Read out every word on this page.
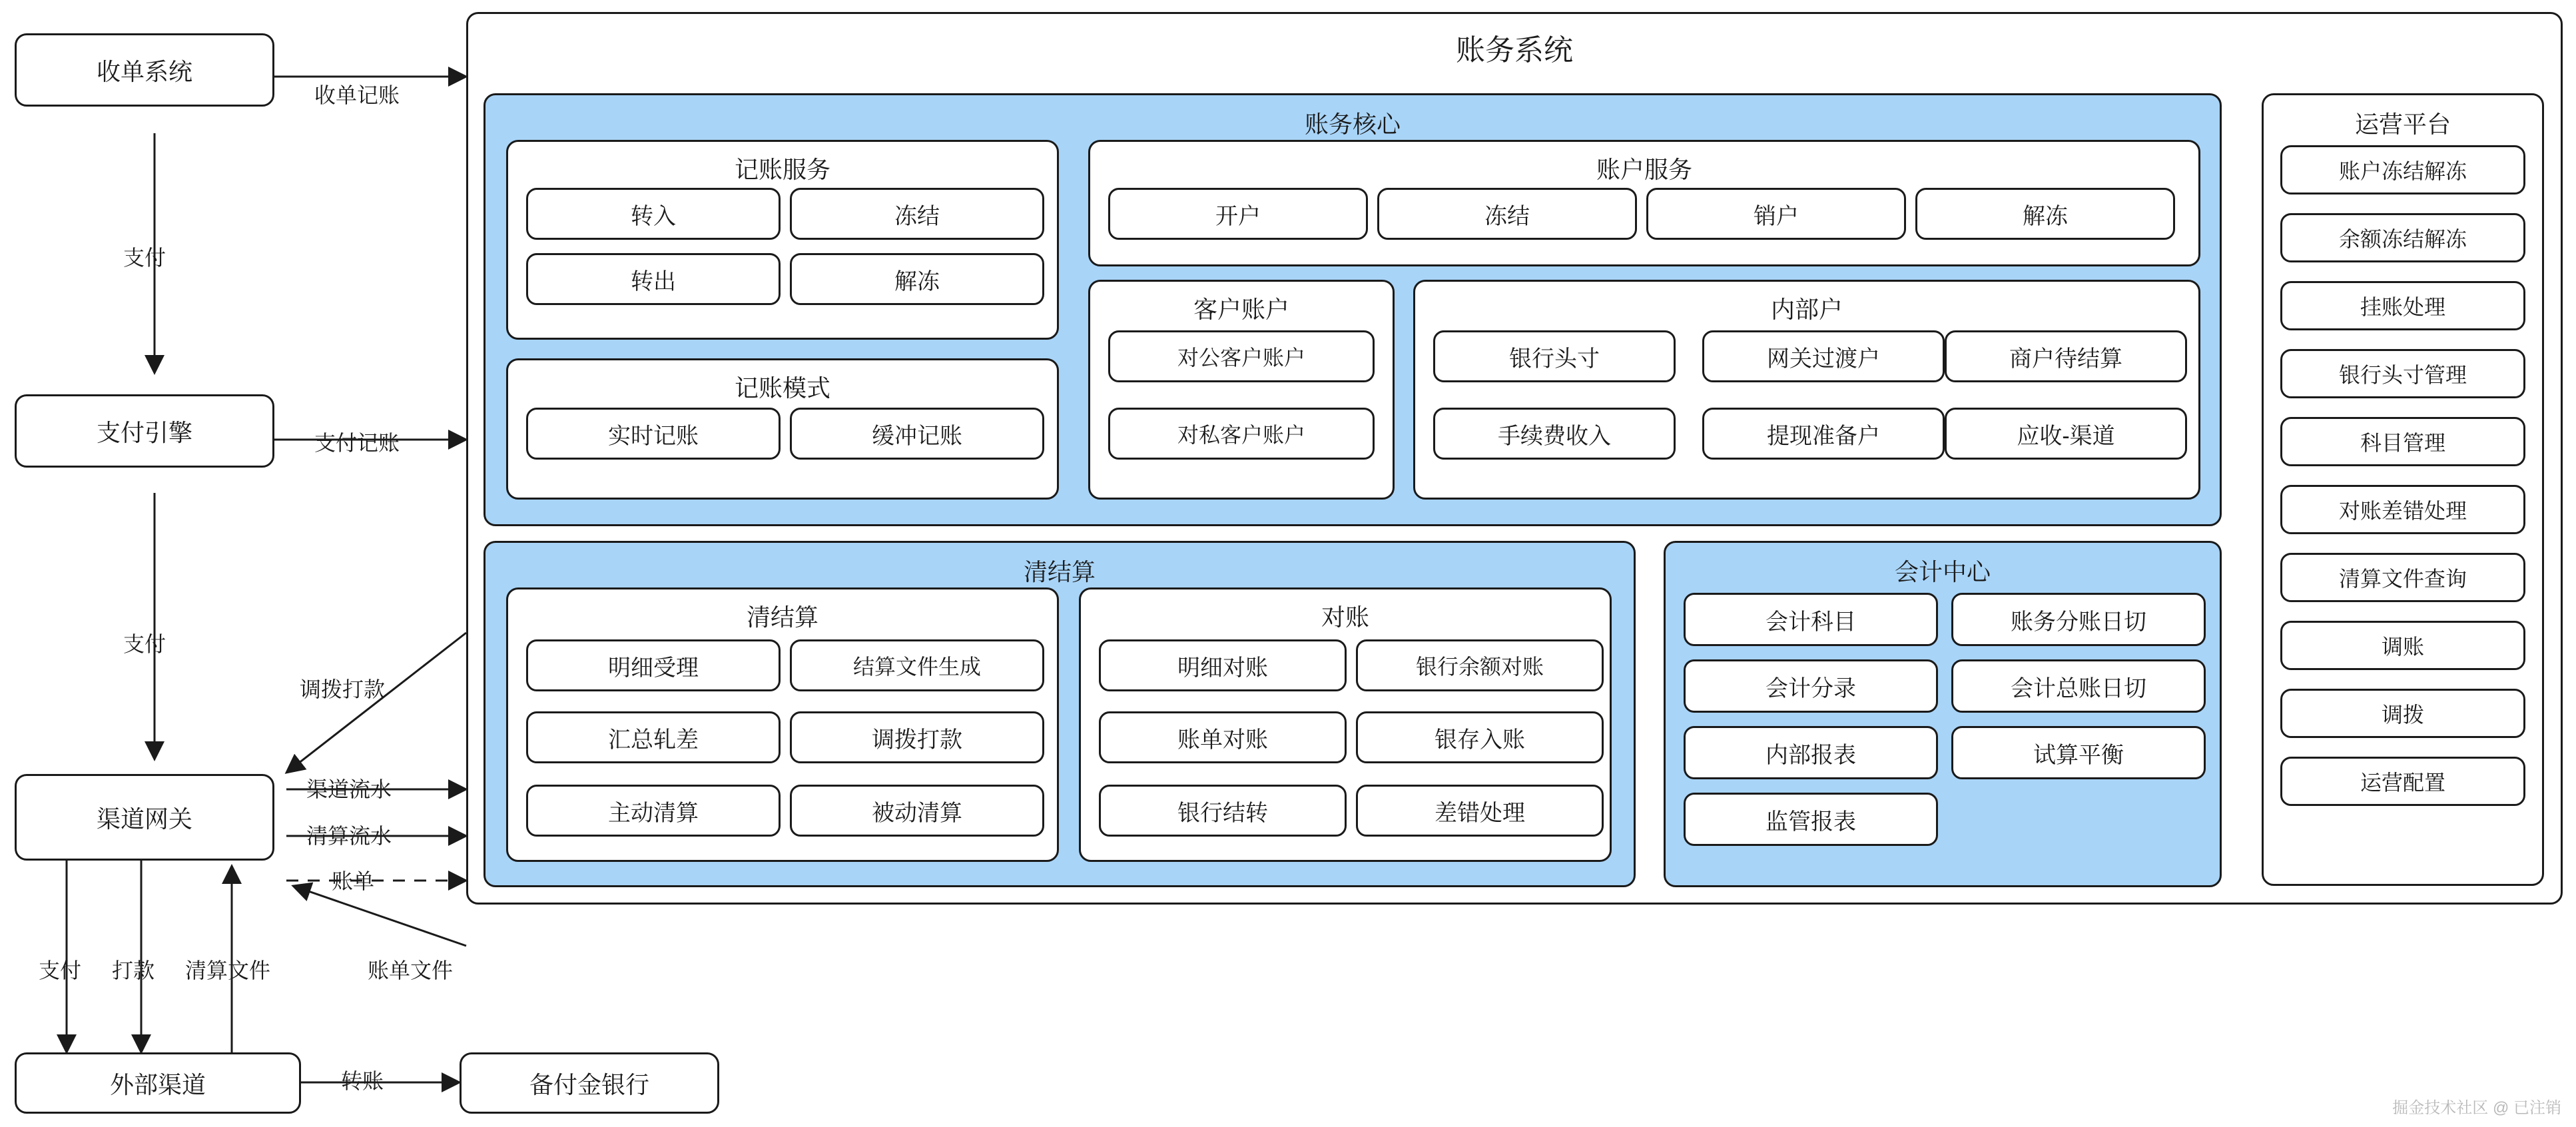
收单系统
支付引擎
渠道网关
外部渠道	备付金银行
收单记账
支付
支付记账
支付
调拨打款
渠道流水
清算流水
账单
支付 打款 清算文件	账单文件
转账
账务系统
账务核心
记账服务
转入	冻结
转出	解冻
记账模式
实时记账	缓冲记账
账户服务
开户	冻结	销户	解冻
客户账户
对公客户账户
对私客户账户
内部户
银行头寸	网关过渡户	商户待结算
手续费收入	提现准备户	应收-渠道
清结算
清结算
明细受理	结算文件生成
汇总轧差	调拨打款
主动清算	被动清算
对账
明细对账	银行余额对账
账单对账	银存入账
银行结转	差错处理
会计中心
会计科目	账务分账日切
会计分录	会计总账日切
内部报表	试算平衡
监管报表
运营平台
账户冻结解冻
余额冻结解冻
挂账处理
银行头寸管理
科目管理
对账差错处理
清算文件查询
调账
调拨
运营配置
掘金技术社区 @ 已注销
